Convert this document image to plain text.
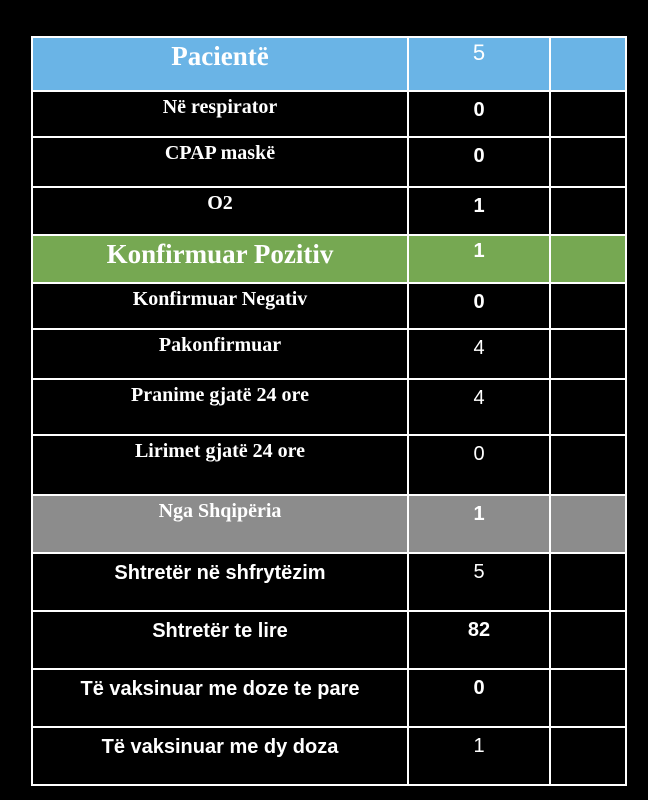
Pacientë	5	
Në respirator	0	
CPAP maskë	0	
O2	1	
Konfirmuar Pozitiv	1	
Konfirmuar Negativ	0	
Pakonfirmuar	4	
Pranime gjatë 24 ore	4	
Lirimet gjatë 24 ore	0	
Nga Shqipëria	1	
Shtretër në shfrytëzim	5	
Shtretër te lire	82	
Të vaksinuar me doze te pare	0	
Të vaksinuar me dy doza	1	
